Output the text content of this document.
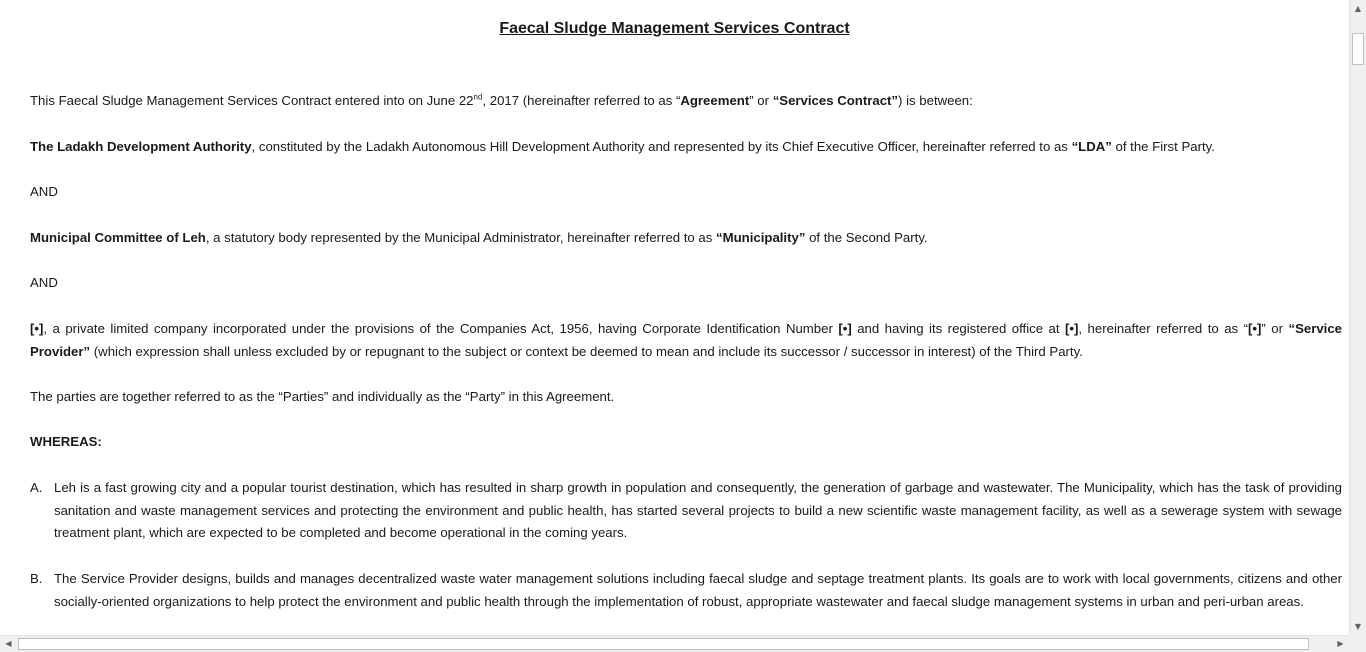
Faecal Sludge Management Services Contract

This Faecal Sludge Management Services Contract entered into on June 22nd, 2017 (hereinafter referred to as “Agreement” or “Services Contract”) is between:

The Ladakh Development Authority, constituted by the Ladakh Autonomous Hill Development Authority and represented by its Chief Executive Officer, hereinafter referred to as “LDA” of the First Party.

AND

Municipal Committee of Leh, a statutory body represented by the Municipal Administrator, hereinafter referred to as “Municipality” of the Second Party.

AND

[•], a private limited company incorporated under the provisions of the Companies Act, 1956, having Corporate Identification Number [•] and having its registered office at [•], hereinafter referred to as “[•]” or “Service Provider” (which expression shall unless excluded by or repugnant to the subject or context be deemed to mean and include its successor / successor in interest) of the Third Party.

The parties are together referred to as the “Parties” and individually as the “Party” in this Agreement.

WHEREAS:

A. Leh is a fast growing city and a popular tourist destination, which has resulted in sharp growth in population and consequently, the generation of garbage and wastewater. The Municipality, which has the task of providing sanitation and waste management services and protecting the environment and public health, has started several projects to build a new scientific waste management facility, as well as a sewerage system with sewage treatment plant, which are expected to be completed and become operational in the coming years.
B. The Service Provider designs, builds and manages decentralized waste water management solutions including faecal sludge and septage treatment plants. Its goals are to work with local governments, citizens and other socially-oriented organizations to help protect the environment and public health through the implementation of robust, appropriate wastewater and faecal sludge management systems in urban and peri-urban areas.
▲
▼
◀	▶
